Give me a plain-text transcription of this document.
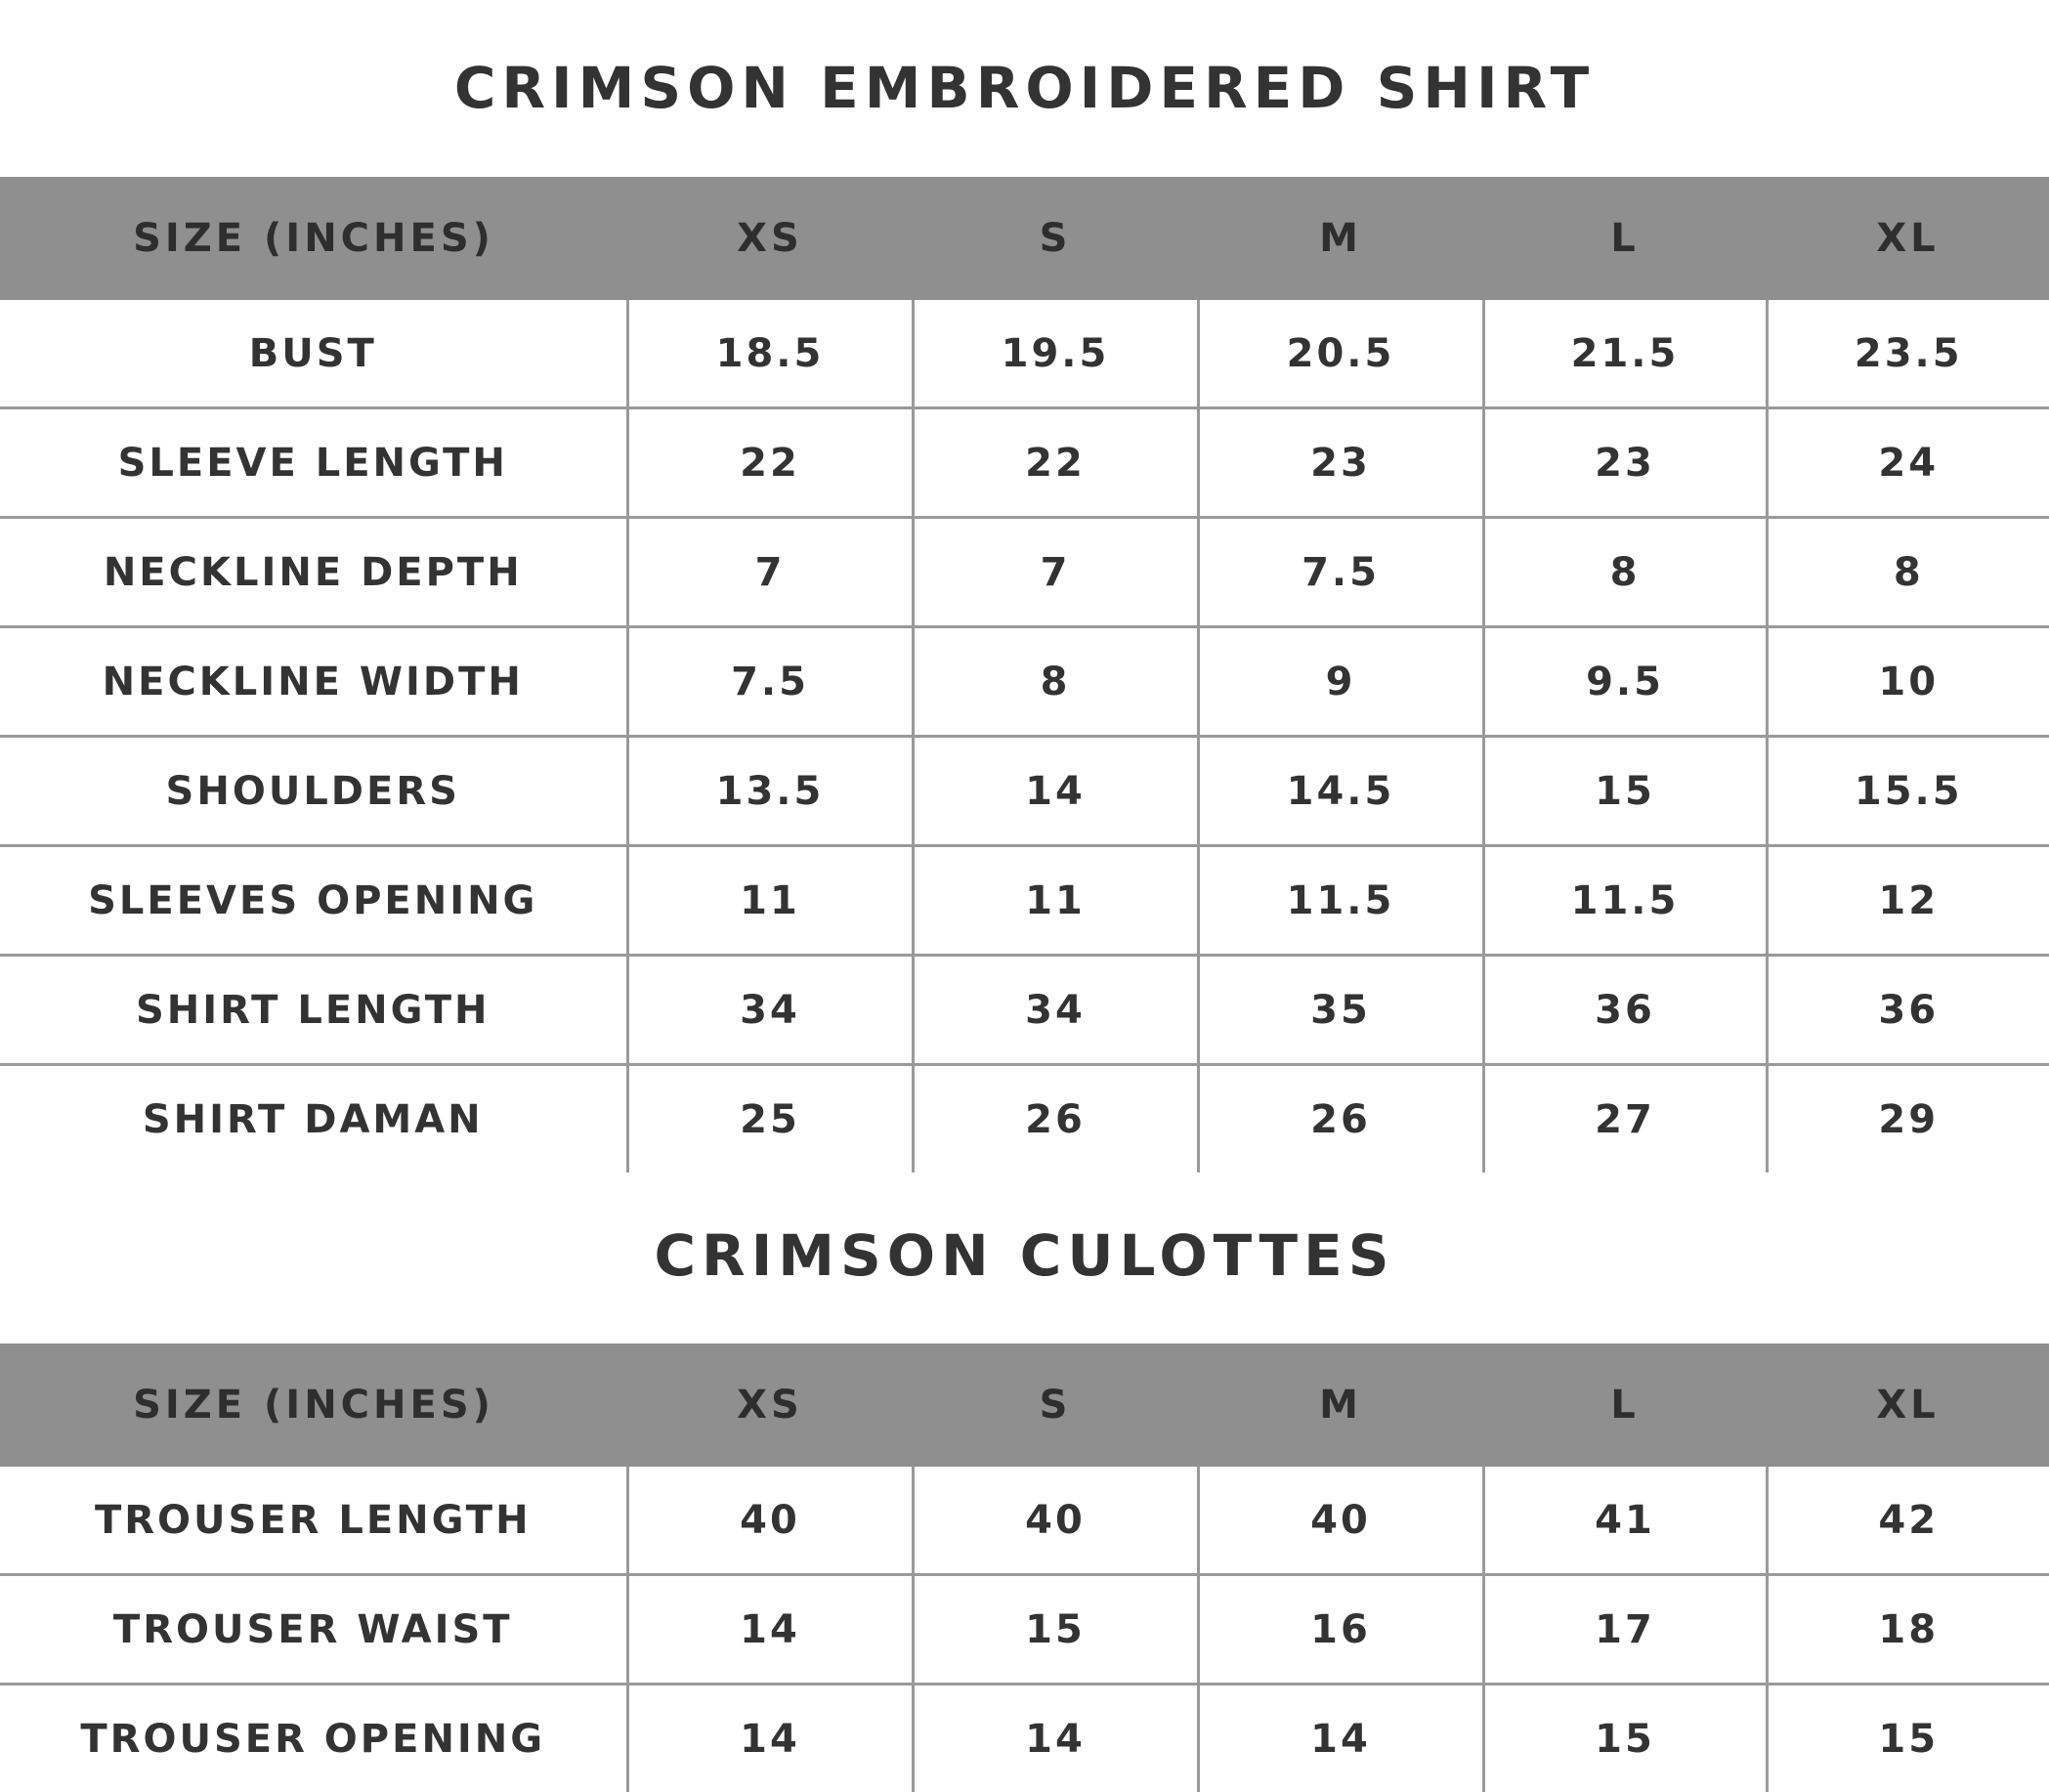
CRIMSON EMBROIDERED SHIRT
SIZE (INCHES)	XS	S	M	L	XL
BUST	18.5	19.5	20.5	21.5	23.5
SLEEVE LENGTH	22	22	23	23	24
NECKLINE DEPTH	7	7	7.5	8	8
NECKLINE WIDTH	7.5	8	9	9.5	10
SHOULDERS	13.5	14	14.5	15	15.5
SLEEVES OPENING	11	11	11.5	11.5	12
SHIRT LENGTH	34	34	35	36	36
SHIRT DAMAN	25	26	26	27	29
CRIMSON CULOTTES
SIZE (INCHES)	XS	S	M	L	XL
TROUSER LENGTH	40	40	40	41	42
TROUSER WAIST	14	15	16	17	18
TROUSER OPENING	14	14	14	15	15
